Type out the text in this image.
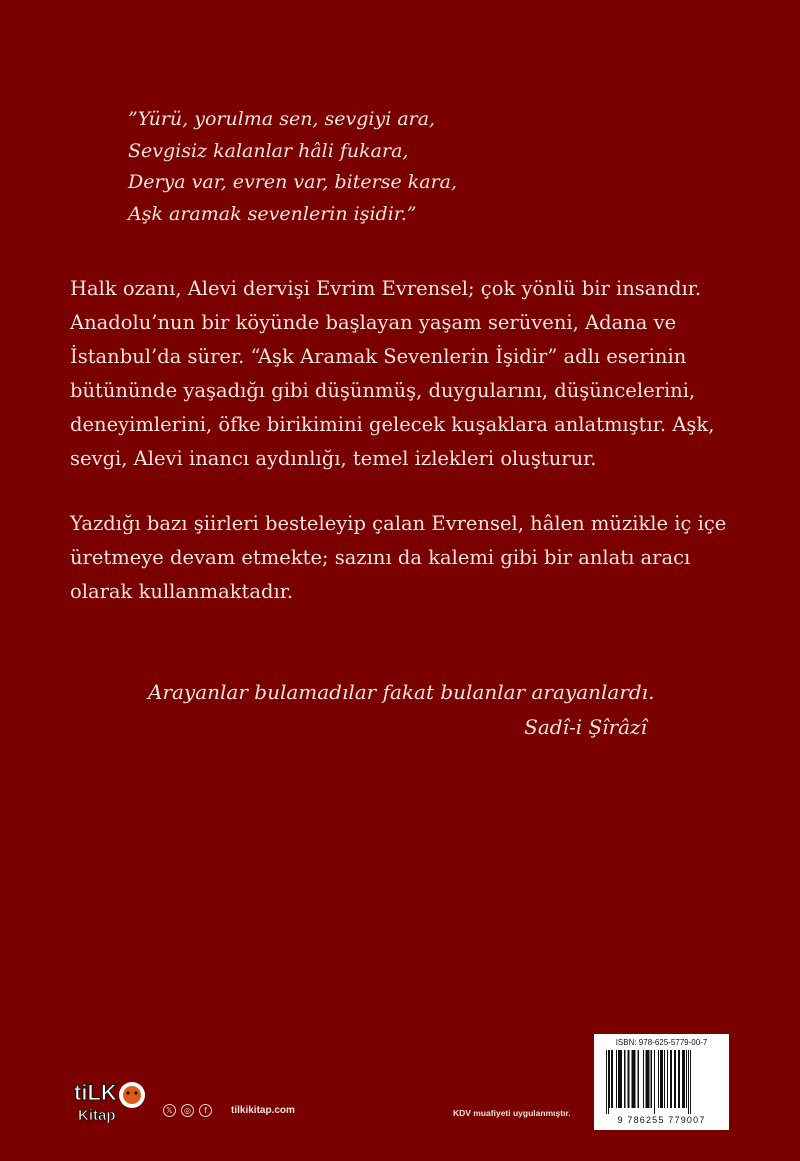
”Yürü, yorulma sen, sevgiyi ara,
Sevgisiz kalanlar hâli fukara,
Derya var, evren var, biterse kara,
Aşk aramak sevenlerin işidir.”
Halk ozanı, Alevi dervişi Evrim Evrensel; çok yönlü bir insandır.
Anadolu’nun bir köyünde başlayan yaşam serüveni, Adana ve
İstanbul’da sürer. “Aşk Aramak Sevenlerin İşidir” adlı eserinin
bütününde yaşadığı gibi düşünmüş, duygularını, düşüncelerini,
deneyimlerini, öfke birikimini gelecek kuşaklara anlatmıştır. Aşk,
sevgi, Alevi inancı aydınlığı, temel izlekleri oluşturur.
Yazdığı bazı şiirleri besteleyip çalan Evrensel, hâlen müzikle iç içe
üretmeye devam etmekte; sazını da kalemi gibi bir anlatı aracı
olarak kullanmaktadır.
Arayanlar bulamadılar fakat bulanlar arayanlardı.
Sadî-i Şîrâzî
tiLK
Kitap	𝕏	◎	f	tilkikitap.com	KDV muafiyeti uygulanmıştır.
ISBN: 978-625-5779-00-7
9 786255 779007
